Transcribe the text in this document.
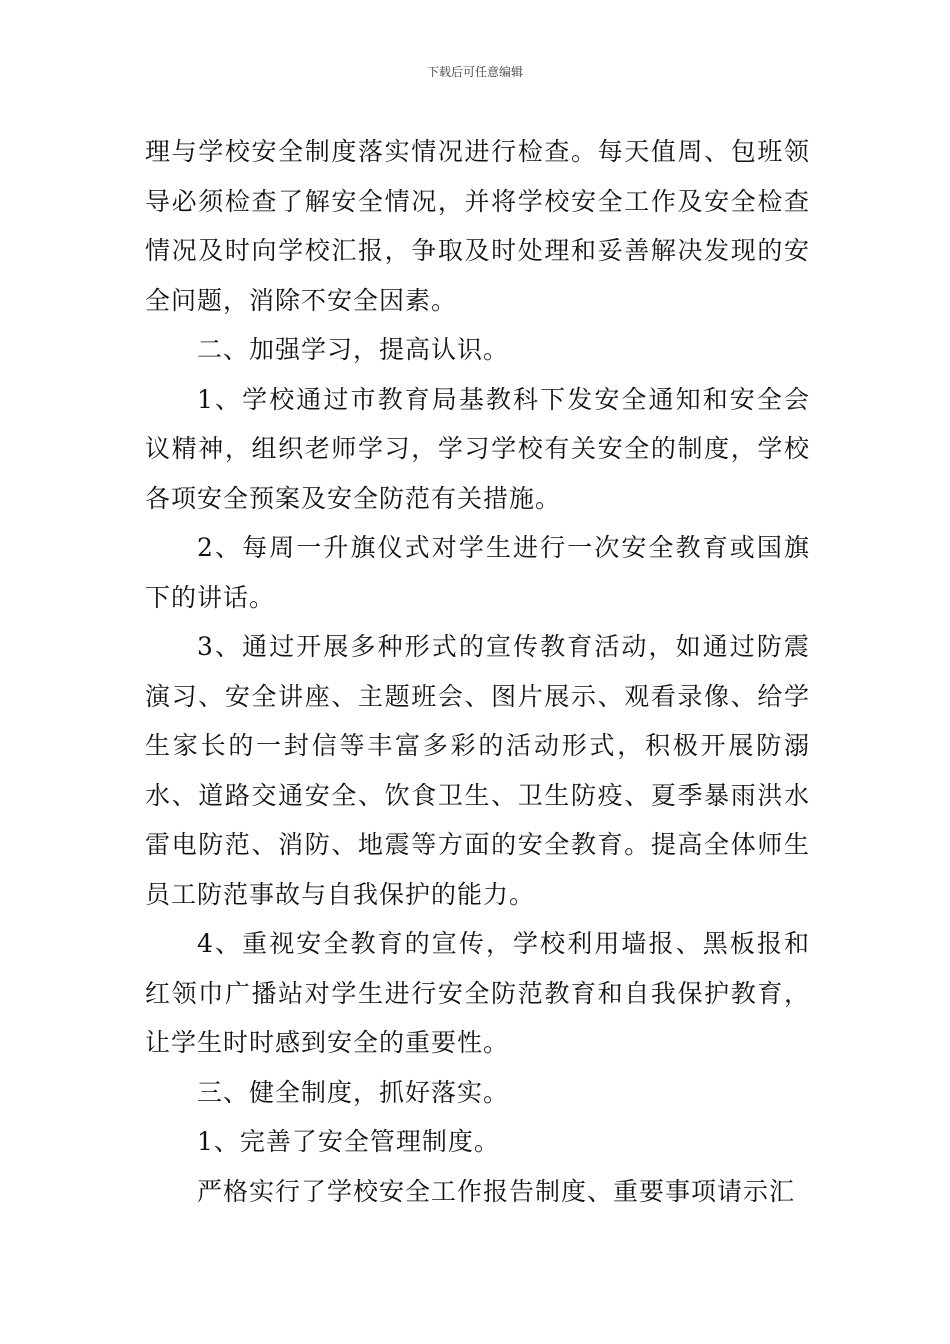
下载后可任意编辑

理与学校安全制度落实情况进行检查。每天值周、包班领导必须检查了解安全情况，并将学校安全工作及安全检查情况及时向学校汇报，争取及时处理和妥善解决发现的安全问题，消除不安全因素。

二、加强学习，提高认识。

1、学校通过市教育局基教科下发安全通知和安全会议精神，组织老师学习，学习学校有关安全的制度，学校各项安全预案及安全防范有关措施。

2、每周一升旗仪式对学生进行一次安全教育或国旗下的讲话。

3、通过开展多种形式的宣传教育活动，如通过防震演习、安全讲座、主题班会、图片展示、观看录像、给学生家长的一封信等丰富多彩的活动形式，积极开展防溺水、道路交通安全、饮食卫生、卫生防疫、夏季暴雨洪水雷电防范、消防、地震等方面的安全教育。提高全体师生员工防范事故与自我保护的能力。

4、重视安全教育的宣传，学校利用墙报、黑板报和红领巾广播站对学生进行安全防范教育和自我保护教育，让学生时时感到安全的重要性。

三、健全制度，抓好落实。

1、完善了安全管理制度。

严格实行了学校安全工作报告制度、重要事项请示汇
